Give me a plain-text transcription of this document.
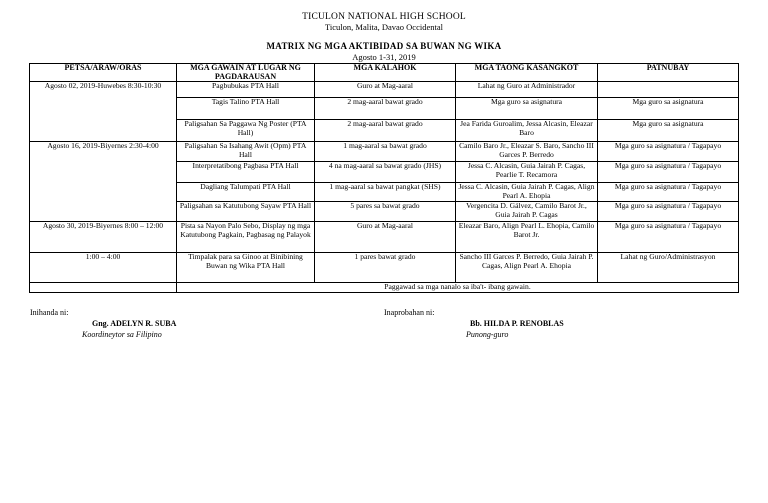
TICULON NATIONAL HIGH SCHOOL
Ticulon, Malita, Davao Occidental
MATRIX NG MGA AKTIBIDAD SA BUWAN NG WIKA
Agosto 1-31, 2019
PETSA/ARAW/ORAS	MGA GAWAIN AT LUGAR NG PAGDARAUSAN	MGA KALAHOK	MGA TAONG KASANGKOT	PATNUBAY
Agosto 02, 2019-Huwebes 8:30-10:30	Pagbubukas PTA Hall	Guro at Mag-aaral	Lahat ng Guro at Administrador	
	Tagis Talino PTA Hall	2 mag-aaral bawat grado	Mga guro sa asignatura	Mga guro sa asignatura
	Paligsahan Sa Paggawa Ng Poster (PTA Hall)	2 mag-aaral bawat grado	Jea Farida Guroalim, Jessa Alcasin, Eleazar Baro	Mga guro sa asignatura
Agosto 16, 2019-Biyernes 2:30-4:00	Paligsahan Sa Isahang Awit (Opm) PTA Hall	1 mag-aaral sa bawat grado	Camilo Baro Jr., Eleazar S. Baro, Sancho III Garces P. Berredo	Mga guro sa asignatura / Tagapayo
	Interpretatibong Pagbasa PTA Hall	4 na mag-aaral sa bawat grado (JHS)	Jessa C. Alcasin, Guia Jairah P. Cagas, Pearlie T. Recamora	Mga guro sa asignatura / Tagapayo
	Dagliang Talumpati PTA Hall	1 mag-aaral sa bawat pangkat (SHS)	Jessa C. Alcasin, Guia Jairah P. Cagas, Align Pearl A. Ehopia	Mga guro sa asignatura / Tagapayo
	Paligsahan sa Katutubong Sayaw PTA Hall	5 pares sa bawat grado	Vergencita D. Gálvez, Camilo Barot Jr., Guia Jairah P. Cagas	Mga guro sa asignatura / Tagapayo
Agosto 30, 2019-Biyernes 8:00 – 12:00	Pista sa Nayon Palo Sebo, Display ng mga Katutubong Pagkain, Pagbasag ng Palayok	Guro at Mag-aaral	Eleazar Baro, Align Pearl L. Ehopia, Camilo Barot Jr.	Mga guro sa asignatura / Tagapayo
1:00 – 4:00	Timpalak para sa Ginoo at Binibining Buwan ng Wika PTA Hall	1 pares bawat grado	Sancho III Garces P. Berredo, Guia Jairah P. Cagas, Align Pearl A. Ehopia	Lahat ng Guro/Administrasyon
	Paggawad sa mga nanalo sa iba't- ibang gawain.			
Inihanda ni:
Gng. ADELYN R. SUBA
Koordineytor sa Filipino
Inaprobahan ni:
Bb. HILDA P. RENOBLAS
Punong-guro
